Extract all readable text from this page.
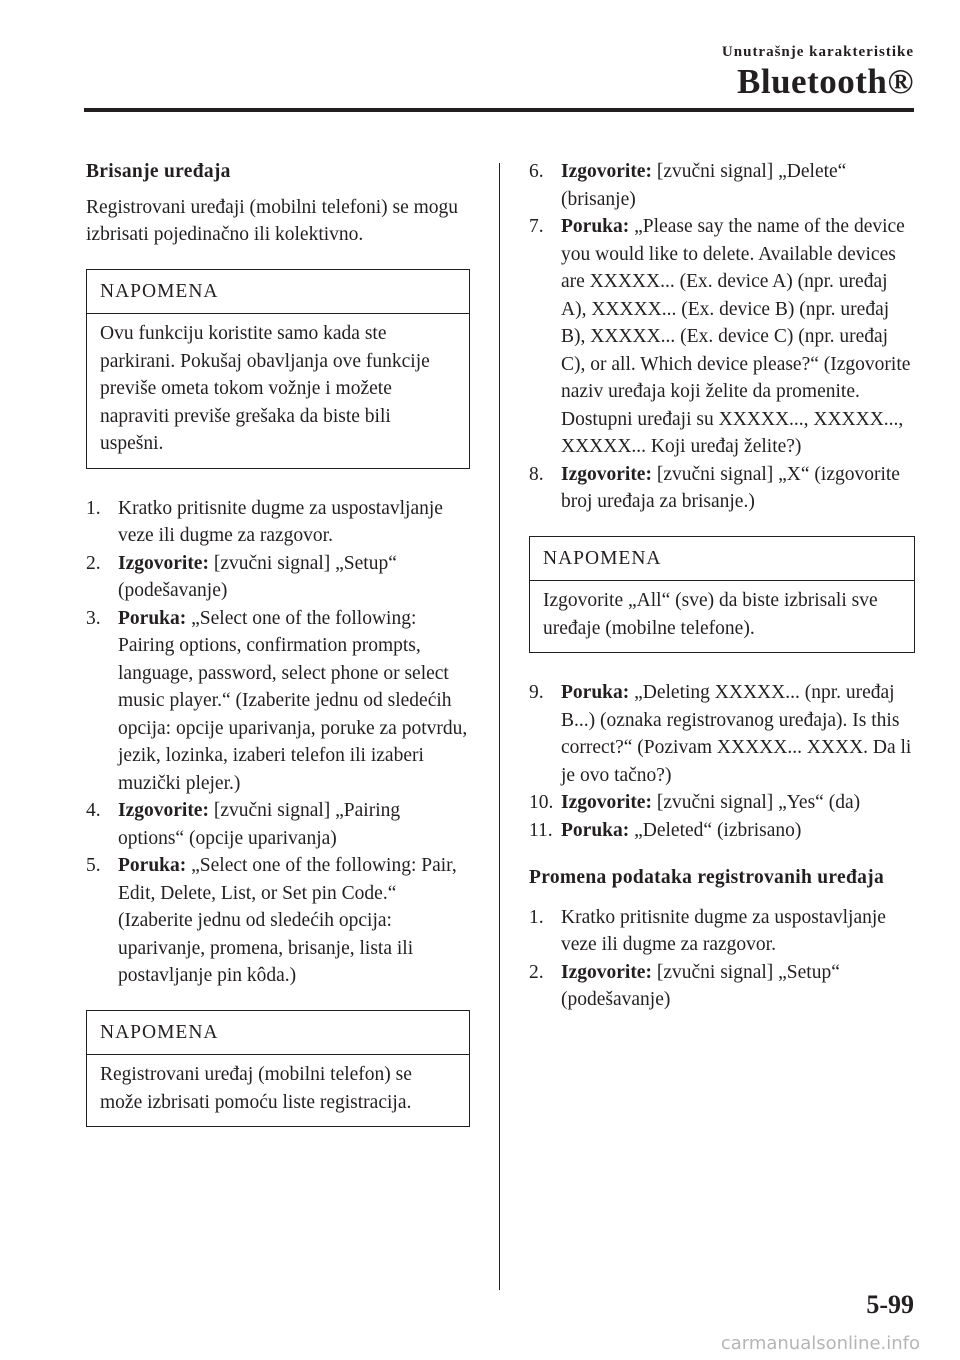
Unutrašnje karakteristike
Bluetooth®
Brisanje uređaja
Registrovani uređaji (mobilni telefoni) se mogu izbrisati pojedinačno ili kolektivno.
NAPOMENA
Ovu funkciju koristite samo kada ste parkirani. Pokušaj obavljanja ove funkcije previše ometa tokom vožnje i možete napraviti previše grešaka da biste bili uspešni.
1. Kratko pritisnite dugme za uspostavljanje veze ili dugme za razgovor.
2. Izgovorite: [zvučni signal] „Setup“ (podešavanje)
3. Poruka: „Select one of the following: Pairing options, confirmation prompts, language, password, select phone or select music player.“ (Izaberite jednu od sledećih opcija: opcije uparivanja, poruke za potvrdu, jezik, lozinka, izaberi telefon ili izaberi muzički plejer.)
4. Izgovorite: [zvučni signal] „Pairing options“ (opcije uparivanja)
5. Poruka: „Select one of the following: Pair, Edit, Delete, List, or Set pin Code.“ (Izaberite jednu od sledećih opcija: uparivanje, promena, brisanje, lista ili postavljanje pin kôda.)
NAPOMENA
Registrovani uređaj (mobilni telefon) se može izbrisati pomoću liste registracija.
6. Izgovorite: [zvučni signal] „Delete“ (brisanje)
7. Poruka: „Please say the name of the device you would like to delete. Available devices are XXXXX... (Ex. device A) (npr. uređaj A), XXXXX... (Ex. device B) (npr. uređaj B), XXXXX... (Ex. device C) (npr. uređaj C), or all. Which device please?“ (Izgovorite naziv uređaja koji želite da promenite. Dostupni uređaji su XXXXX..., XXXXX..., XXXXX... Koji uređaj želite?)
8. Izgovorite: [zvučni signal] „X“ (izgovorite broj uređaja za brisanje.)
NAPOMENA
Izgovorite „All“ (sve) da biste izbrisali sve uređaje (mobilne telefone).
9. Poruka: „Deleting XXXXX... (npr. uređaj B...) (oznaka registrovanog uređaja). Is this correct?“ (Pozivam XXXXX... XXXX. Da li je ovo tačno?)
10. Izgovorite: [zvučni signal] „Yes“ (da)
11. Poruka: „Deleted“ (izbrisano)
Promena podataka registrovanih uređaja
1. Kratko pritisnite dugme za uspostavljanje veze ili dugme za razgovor.
2. Izgovorite: [zvučni signal] „Setup“ (podešavanje)
5-99
carmanualsonline.info
